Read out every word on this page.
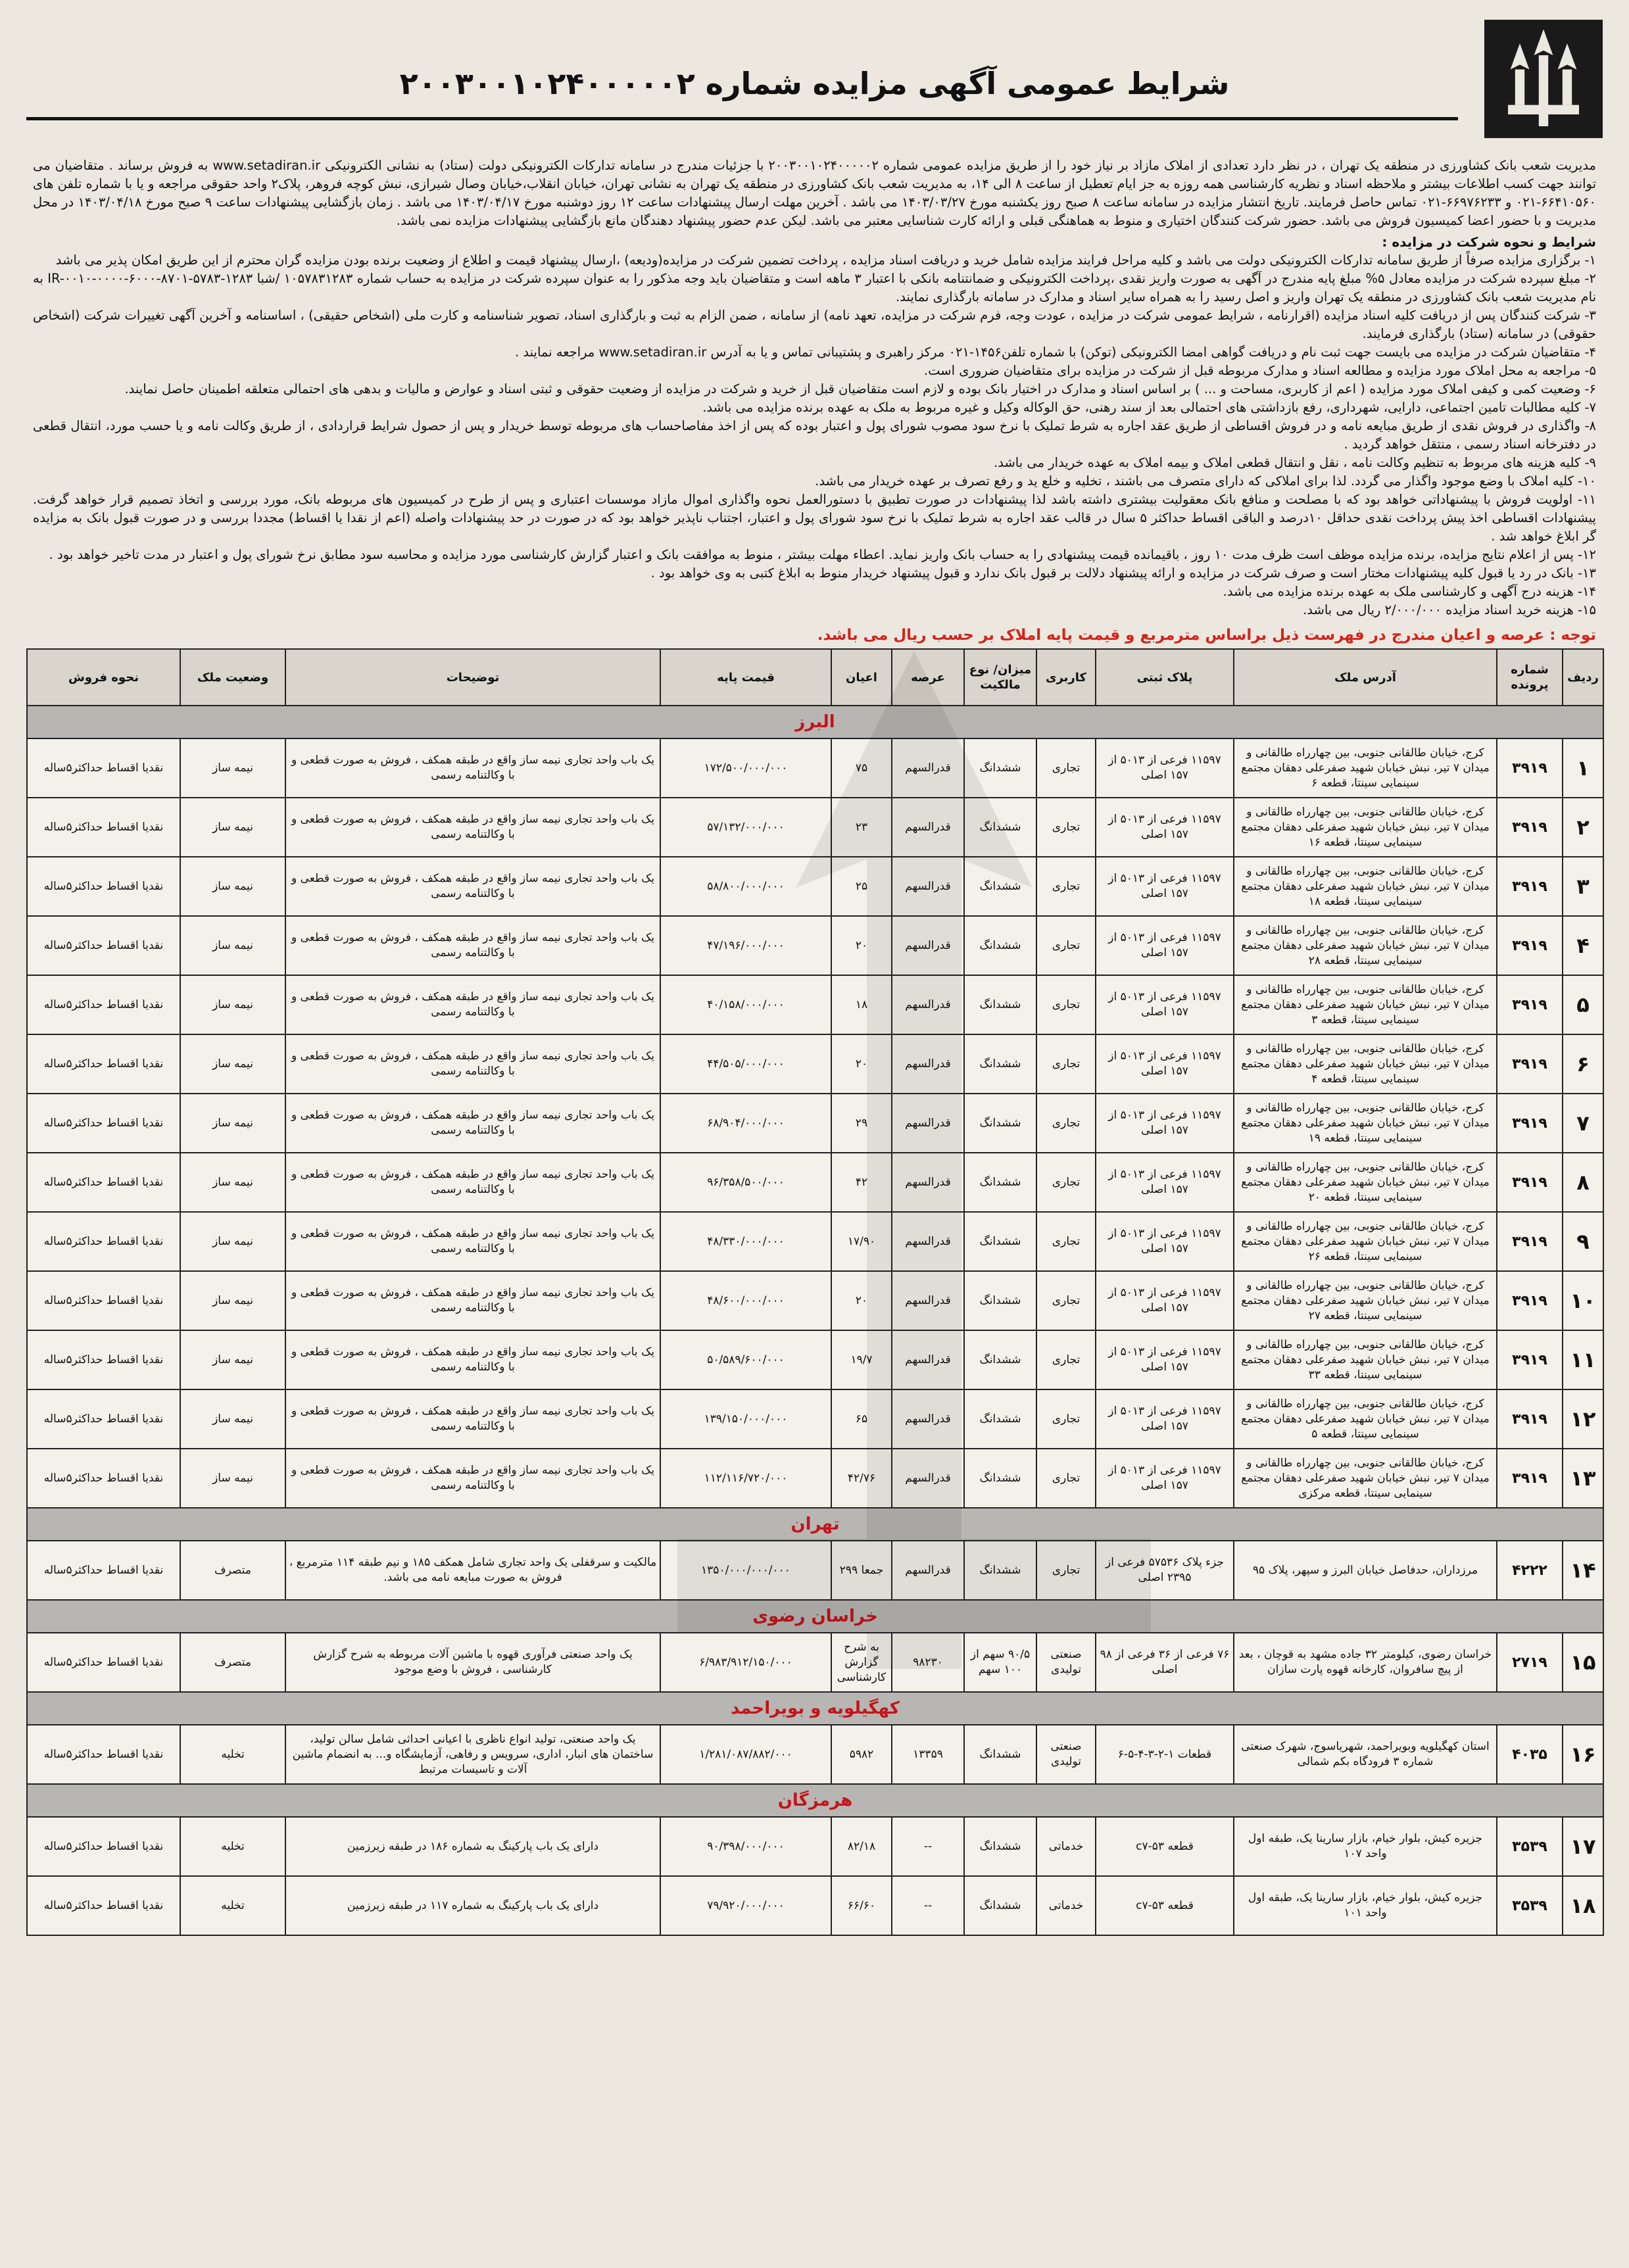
شرایط عمومی آگهی مزایده شماره ۲۰۰۳۰۰۱۰۲۴۰۰۰۰۰۲

مدیریت شعب بانک کشاورزی در منطقه یک تهران ، در نظر دارد تعدادی از املاک مازاد بر نیاز خود را از طریق مزایده عمومی شماره ۲۰۰۳۰۰۱۰۲۴۰۰۰۰۰۲ با جزئیات مندرج در سامانه تدارکات الکترونیکی دولت (ستاد) به نشانی الکترونیکی www.setadiran.ir به فروش برساند . متقاضیان می توانند جهت کسب اطلاعات بیشتر و ملاحظه اسناد و نظریه کارشناسی همه روزه به جز ایام تعطیل از ساعت ۸ الی ۱۴، به مدیریت شعب بانک کشاورزی در منطقه یک تهران به نشانی تهران، خیابان انقلاب،خیابان وصال شیرازی، نبش کوچه فروهر، پلاک۲ واحد حقوقی مراجعه و یا با شماره تلفن های ۶۶۴۱۰۵۶۰-۰۲۱ و ۶۶۹۷۶۲۳۳-۰۲۱ تماس حاصل فرمایند. تاریخ انتشار مزایده در سامانه ساعت ۸ صبح روز یکشنبه مورخ ۱۴۰۳/۰۳/۲۷ می باشد . آخرین مهلت ارسال پیشنهادات ساعت ۱۲ روز دوشنبه مورخ ۱۴۰۳/۰۴/۱۷ می باشد . زمان بازگشایی پیشنهادات ساعت ۹ صبح مورخ ۱۴۰۳/۰۴/۱۸ در محل مدیریت و با حضور اعضا کمیسیون فروش می باشد. حضور شرکت کنندگان اختیاری و منوط به هماهنگی قبلی و ارائه کارت شناسایی معتبر می باشد. لیکن عدم حضور پیشنهاد دهندگان مانع بازگشایی پیشنهادات مزایده نمی باشد.

شرایط و نحوه شرکت در مزایده :
۱- برگزاری مزایده صرفاً از طریق سامانه تدارکات الکترونیکی دولت می باشد و کلیه مراحل فرایند مزایده شامل خرید و دریافت اسناد مزایده ، پرداخت تضمین شرکت در مزایده(ودیعه) ،ارسال پیشنهاد قیمت و اطلاع از وضعیت برنده بودن مزایده گران محترم از این طریق امکان پذیر می باشد
۲- مبلغ سپرده شرکت در مزایده معادل ۵% مبلغ پایه مندرج در آگهی به صورت واریز نقدی ،پرداخت الکترونیکی و ضمانتنامه بانکی با اعتبار ۳ ماهه است و متقاضیان باید وجه مذکور را به عنوان سپرده شرکت در مزایده به حساب شماره ۱۰۵۷۸۳۱۲۸۳ /شبا IR-۰۰۱۰-۰۰۰۰-۶۰۰۰-۸۷۰۱-۵۷۸۳-۱۲۸۳ به نام مدیریت شعب بانک کشاورزی در منطقه یک تهران واریز و اصل رسید را به همراه سایر اسناد و مدارک در سامانه بارگذاری نمایند.
۳- شرکت کنندگان پس از دریافت کلیه اسناد مزایده (اقرارنامه ، شرایط عمومی شرکت در مزایده ، عودت وجه، فرم شرکت در مزایده، تعهد نامه) از سامانه ، ضمن الزام به ثبت و بارگذاری اسناد، تصویر شناسنامه و کارت ملی (اشخاص حقیقی) ، اساسنامه و آخرین آگهی تغییرات شرکت (اشخاص حقوقی) در سامانه (ستاد) بارگذاری فرمایند.
۴- متقاضیان شرکت در مزایده می بایست جهت ثبت نام و دریافت گواهی امضا الکترونیکی (توکن) با شماره تلفن۱۴۵۶-۰۲۱ مرکز راهبری و پشتیبانی تماس و یا به آدرس www.setadiran.ir مراجعه نمایند .
۵- مراجعه به محل املاک مورد مزایده و مطالعه اسناد و مدارک مربوطه قبل از شرکت در مزایده برای متقاضیان ضروری است.
۶- وضعیت کمی و کیفی املاک مورد مزایده ( اعم از کاربری، مساحت و ... ) بر اساس اسناد و مدارک در اختیار بانک بوده و لازم است متقاضیان قبل از خرید و شرکت در مزایده از وضعیت حقوقی و ثبتی اسناد و عوارض و مالیات و بدهی های احتمالی متعلقه اطمینان حاصل نمایند.
۷- کلیه مطالبات تامین اجتماعی، دارایی، شهرداری، رفع بازداشتی های احتمالی بعد از سند رهنی، حق الوکاله وکیل و غیره مربوط به ملک به عهده برنده مزایده می باشد.
۸- واگذاری در فروش نقدی از طریق مبایعه نامه و در فروش اقساطی از طریق عقد اجاره به شرط تملیک با نرخ سود مصوب شورای پول و اعتبار بوده که پس از اخذ مفاصاحساب های مربوطه توسط خریدار و پس از حصول شرایط قراردادی ، از طریق وکالت نامه و یا حسب مورد، انتقال قطعی در دفترخانه اسناد رسمی ، منتقل خواهد گردید .
۹- کلیه هزینه های مربوط به تنظیم وکالت نامه ، نقل و انتقال قطعی املاک و بیمه املاک به عهده خریدار می باشد.
۱۰- کلیه املاک با وضع موجود واگذار می گردد. لذا برای املاکی که دارای متصرف می باشند ، تخلیه و خلع ید و رفع تصرف بر عهده خریدار می باشد.
۱۱- اولویت فروش با پیشنهاداتی خواهد بود که با مصلحت و منافع بانک معقولیت بیشتری داشته باشد لذا پیشنهادات در صورت تطبیق با دستورالعمل نحوه واگذاری اموال مازاد موسسات اعتباری و پس از طرح در کمیسیون های مربوطه بانک، مورد بررسی و اتخاذ تصمیم قرار خواهد گرفت. پیشنهادات اقساطی اخذ پیش پرداخت نقدی حداقل ۱۰درصد و الباقی اقساط حداکثر ۵ سال در قالب عقد اجاره به شرط تملیک با نرخ سود شورای پول و اعتبار، اجتناب ناپذیر خواهد بود که در صورت در حد پیشنهادات واصله (اعم از نقدا یا اقساط) مجددا بررسی و در صورت قبول بانک به مزایده گر ابلاغ خواهد شد .
۱۲- پس از اعلام نتایج مزایده، برنده مزایده موظف است ظرف مدت ۱۰ روز ، باقیمانده قیمت پیشنهادی را به حساب بانک واریز نماید. اعطاء مهلت بیشتر ، منوط به موافقت بانک و اعتبار گزارش کارشناسی مورد مزایده و محاسبه سود مطابق نرخ شورای پول و اعتبار در مدت تاخیر خواهد بود .
۱۳- بانک در رد یا قبول کلیه پیشنهادات مختار است و صرف شرکت در مزایده و ارائه پیشنهاد دلالت بر قبول بانک ندارد و قبول پیشنهاد خریدار منوط به ابلاغ کتبی به وی خواهد بود .
۱۴- هزینه درج آگهی و کارشناسی ملک به عهده برنده مزایده می باشد.
۱۵- هزینه خرید اسناد مزایده ۲/۰۰۰/۰۰۰ ریال می باشد.
توجه : عرصه و اعیان مندرج در فهرست ذیل براساس مترمربع و قیمت پایه املاک بر حسب ریال می باشد.
ردیف	شماره پرونده	آدرس ملک	پلاک ثبتی	کاربری	میزان/ نوع مالکیت	عرصه	اعیان	قیمت پایه	توضیحات	وضعیت ملک	نحوه فروش
البرز											
۱	۳۹۱۹	کرج، خیابان طالقانی جنوبی، بین چهارراه طالقانی و میدان ۷ تیر، نبش خیابان شهید صفرعلی دهقان مجتمع سینمایی سینتا، قطعه ۶	۱۱۵۹۷ فرعی از ۵۰۱۳ از ۱۵۷ اصلی	تجاری	ششدانگ	قدرالسهم	۷۵	۱۷۲/۵۰۰/۰۰۰/۰۰۰	یک باب واحد تجاری نیمه ساز واقع در طبقه همکف ، فروش به صورت قطعی و با وکالتنامه رسمی	نیمه ساز	نقدیا اقساط حداکثر۵ساله
۲	۳۹۱۹	کرج، خیابان طالقانی جنوبی، بین چهارراه طالقانی و میدان ۷ تیر، نبش خیابان شهید صفرعلی دهقان مجتمع سینمایی سینتا، قطعه ۱۶	۱۱۵۹۷ فرعی از ۵۰۱۳ از ۱۵۷ اصلی	تجاری	ششدانگ	قدرالسهم	۲۳	۵۷/۱۳۲/۰۰۰/۰۰۰	یک باب واحد تجاری نیمه ساز واقع در طبقه همکف ، فروش به صورت قطعی و با وکالتنامه رسمی	نیمه ساز	نقدیا اقساط حداکثر۵ساله
۳	۳۹۱۹	کرج، خیابان طالقانی جنوبی، بین چهارراه طالقانی و میدان ۷ تیر، نبش خیابان شهید صفرعلی دهقان مجتمع سینمایی سینتا، قطعه ۱۸	۱۱۵۹۷ فرعی از ۵۰۱۳ از ۱۵۷ اصلی	تجاری	ششدانگ	قدرالسهم	۲۵	۵۸/۸۰۰/۰۰۰/۰۰۰	یک باب واحد تجاری نیمه ساز واقع در طبقه همکف ، فروش به صورت قطعی و با وکالتنامه رسمی	نیمه ساز	نقدیا اقساط حداکثر۵ساله
۴	۳۹۱۹	کرج، خیابان طالقانی جنوبی، بین چهارراه طالقانی و میدان ۷ تیر، نبش خیابان شهید صفرعلی دهقان مجتمع سینمایی سینتا، قطعه ۲۸	۱۱۵۹۷ فرعی از ۵۰۱۳ از ۱۵۷ اصلی	تجاری	ششدانگ	قدرالسهم	۲۰	۴۷/۱۹۶/۰۰۰/۰۰۰	یک باب واحد تجاری نیمه ساز واقع در طبقه همکف ، فروش به صورت قطعی و با وکالتنامه رسمی	نیمه ساز	نقدیا اقساط حداکثر۵ساله
۵	۳۹۱۹	کرج، خیابان طالقانی جنوبی، بین چهارراه طالقانی و میدان ۷ تیر، نبش خیابان شهید صفرعلی دهقان مجتمع سینمایی سینتا، قطعه ۳	۱۱۵۹۷ فرعی از ۵۰۱۳ از ۱۵۷ اصلی	تجاری	ششدانگ	قدرالسهم	۱۸	۴۰/۱۵۸/۰۰۰/۰۰۰	یک باب واحد تجاری نیمه ساز واقع در طبقه همکف ، فروش به صورت قطعی و با وکالتنامه رسمی	نیمه ساز	نقدیا اقساط حداکثر۵ساله
۶	۳۹۱۹	کرج، خیابان طالقانی جنوبی، بین چهارراه طالقانی و میدان ۷ تیر، نبش خیابان شهید صفرعلی دهقان مجتمع سینمایی سینتا، قطعه ۴	۱۱۵۹۷ فرعی از ۵۰۱۳ از ۱۵۷ اصلی	تجاری	ششدانگ	قدرالسهم	۲۰	۴۴/۵۰۵/۰۰۰/۰۰۰	یک باب واحد تجاری نیمه ساز واقع در طبقه همکف ، فروش به صورت قطعی و با وکالتنامه رسمی	نیمه ساز	نقدیا اقساط حداکثر۵ساله
۷	۳۹۱۹	کرج، خیابان طالقانی جنوبی، بین چهارراه طالقانی و میدان ۷ تیر، نبش خیابان شهید صفرعلی دهقان مجتمع سینمایی سینتا، قطعه ۱۹	۱۱۵۹۷ فرعی از ۵۰۱۳ از ۱۵۷ اصلی	تجاری	ششدانگ	قدرالسهم	۲۹	۶۸/۹۰۴/۰۰۰/۰۰۰	یک باب واحد تجاری نیمه ساز واقع در طبقه همکف ، فروش به صورت قطعی و با وکالتنامه رسمی	نیمه ساز	نقدیا اقساط حداکثر۵ساله
۸	۳۹۱۹	کرج، خیابان طالقانی جنوبی، بین چهارراه طالقانی و میدان ۷ تیر، نبش خیابان شهید صفرعلی دهقان مجتمع سینمایی سینتا، قطعه ۲۰	۱۱۵۹۷ فرعی از ۵۰۱۳ از ۱۵۷ اصلی	تجاری	ششدانگ	قدرالسهم	۴۲	۹۶/۳۵۸/۵۰۰/۰۰۰	یک باب واحد تجاری نیمه ساز واقع در طبقه همکف ، فروش به صورت قطعی و با وکالتنامه رسمی	نیمه ساز	نقدیا اقساط حداکثر۵ساله
۹	۳۹۱۹	کرج، خیابان طالقانی جنوبی، بین چهارراه طالقانی و میدان ۷ تیر، نبش خیابان شهید صفرعلی دهقان مجتمع سینمایی سینتا، قطعه ۲۶	۱۱۵۹۷ فرعی از ۵۰۱۳ از ۱۵۷ اصلی	تجاری	ششدانگ	قدرالسهم	۱۷/۹۰	۴۸/۳۳۰/۰۰۰/۰۰۰	یک باب واحد تجاری نیمه ساز واقع در طبقه همکف ، فروش به صورت قطعی و با وکالتنامه رسمی	نیمه ساز	نقدیا اقساط حداکثر۵ساله
۱۰	۳۹۱۹	کرج، خیابان طالقانی جنوبی، بین چهارراه طالقانی و میدان ۷ تیر، نبش خیابان شهید صفرعلی دهقان مجتمع سینمایی سینتا، قطعه ۲۷	۱۱۵۹۷ فرعی از ۵۰۱۳ از ۱۵۷ اصلی	تجاری	ششدانگ	قدرالسهم	۲۰	۴۸/۶۰۰/۰۰۰/۰۰۰	یک باب واحد تجاری نیمه ساز واقع در طبقه همکف ، فروش به صورت قطعی و با وکالتنامه رسمی	نیمه ساز	نقدیا اقساط حداکثر۵ساله
۱۱	۳۹۱۹	کرج، خیابان طالقانی جنوبی، بین چهارراه طالقانی و میدان ۷ تیر، نبش خیابان شهید صفرعلی دهقان مجتمع سینمایی سینتا، قطعه ۳۳	۱۱۵۹۷ فرعی از ۵۰۱۳ از ۱۵۷ اصلی	تجاری	ششدانگ	قدرالسهم	۱۹/۷	۵۰/۵۸۹/۶۰۰/۰۰۰	یک باب واحد تجاری نیمه ساز واقع در طبقه همکف ، فروش به صورت قطعی و با وکالتنامه رسمی	نیمه ساز	نقدیا اقساط حداکثر۵ساله
۱۲	۳۹۱۹	کرج، خیابان طالقانی جنوبی، بین چهارراه طالقانی و میدان ۷ تیر، نبش خیابان شهید صفرعلی دهقان مجتمع سینمایی سینتا، قطعه ۵	۱۱۵۹۷ فرعی از ۵۰۱۳ از ۱۵۷ اصلی	تجاری	ششدانگ	قدرالسهم	۶۵	۱۳۹/۱۵۰/۰۰۰/۰۰۰	یک باب واحد تجاری نیمه ساز واقع در طبقه همکف ، فروش به صورت قطعی و با وکالتنامه رسمی	نیمه ساز	نقدیا اقساط حداکثر۵ساله
۱۳	۳۹۱۹	کرج، خیابان طالقانی جنوبی، بین چهارراه طالقانی و میدان ۷ تیر، نبش خیابان شهید صفرعلی دهقان مجتمع سینمایی سینتا، قطعه مرکزی	۱۱۵۹۷ فرعی از ۵۰۱۳ از ۱۵۷ اصلی	تجاری	ششدانگ	قدرالسهم	۴۲/۷۶	۱۱۲/۱۱۶/۷۲۰/۰۰۰	یک باب واحد تجاری نیمه ساز واقع در طبقه همکف ، فروش به صورت قطعی و با وکالتنامه رسمی	نیمه ساز	نقدیا اقساط حداکثر۵ساله
تهران											
۱۴	۴۲۲۲	مرزداران، حدفاصل خیابان البرز و سپهر، پلاک ۹۵	جزء پلاک ۵۷۵۳۶ فرعی از ۲۳۹۵ اصلی	تجاری	ششدانگ	قدرالسهم	جمعا ۲۹۹	۱۳۵۰/۰۰۰/۰۰۰/۰۰۰	مالکیت و سرقفلی یک واحد تجاری شامل همکف ۱۸۵ و نیم طبقه ۱۱۴ مترمربع ، فروش به صورت مبایعه نامه می باشد.	متصرف	نقدیا اقساط حداکثر۵ساله
خراسان رضوی											
۱۵	۲۷۱۹	خراسان رضوی، کیلومتر ۳۲ جاده مشهد به قوچان ، بعد از پیچ سافروان، کارخانه قهوه پارت سازان	۷۶ فرعی از ۳۶ فرعی از ۹۸ اصلی	صنعتی تولیدی	۹۰/۵ سهم از ۱۰۰ سهم	۹۸۲۳۰	به شرح گزارش کارشناسی	۶/۹۸۳/۹۱۲/۱۵۰/۰۰۰	یک واحد صنعتی فرآوری قهوه با ماشین آلات مربوطه به شرح گزارش کارشناسی ، فروش با وضع موجود	متصرف	نقدیا اقساط حداکثر۵ساله
کهگیلویه و بویراحمد											
۱۶	۴۰۳۵	استان کهگیلویه وبویراحمد، شهریاسوج، شهرک صنعتی شماره ۳ فرودگاه بکم شمالی	قطعات ۱-۲-۳-۴-۵-۶	صنعتی تولیدی	ششدانگ	۱۳۳۵۹	۵۹۸۲	۱/۲۸۱/۰۸۷/۸۸۲/۰۰۰	یک واحد صنعتی، تولید انواع ناظری با اعیانی احداثی شامل سالن تولید، ساختمان های انبار، اداری، سرویس و رفاهی، آزمایشگاه و... به انضمام ماشین آلات و تاسیسات مرتبط	تخلیه	نقدیا اقساط حداکثر۵ساله
هرمزگان											
۱۷	۳۵۳۹	جزیره کیش، بلوار خیام، بازار سارینا یک، طبقه اول واحد ۱۰۷	قطعه ۵۳-c۷	خدماتی	ششدانگ	--	۸۲/۱۸	۹۰/۳۹۸/۰۰۰/۰۰۰	دارای یک باب پارکینگ به شماره ۱۸۶ در طبقه زیرزمین	تخلیه	نقدیا اقساط حداکثر۵ساله
۱۸	۳۵۳۹	جزیره کیش، بلوار خیام، بازار سارینا یک، طبقه اول واحد ۱۰۱	قطعه ۵۳-c۷	خدماتی	ششدانگ	--	۶۶/۶۰	۷۹/۹۲۰/۰۰۰/۰۰۰	دارای یک باب پارکینگ به شماره ۱۱۷ در طبقه زیرزمین	تخلیه	نقدیا اقساط حداکثر۵ساله
